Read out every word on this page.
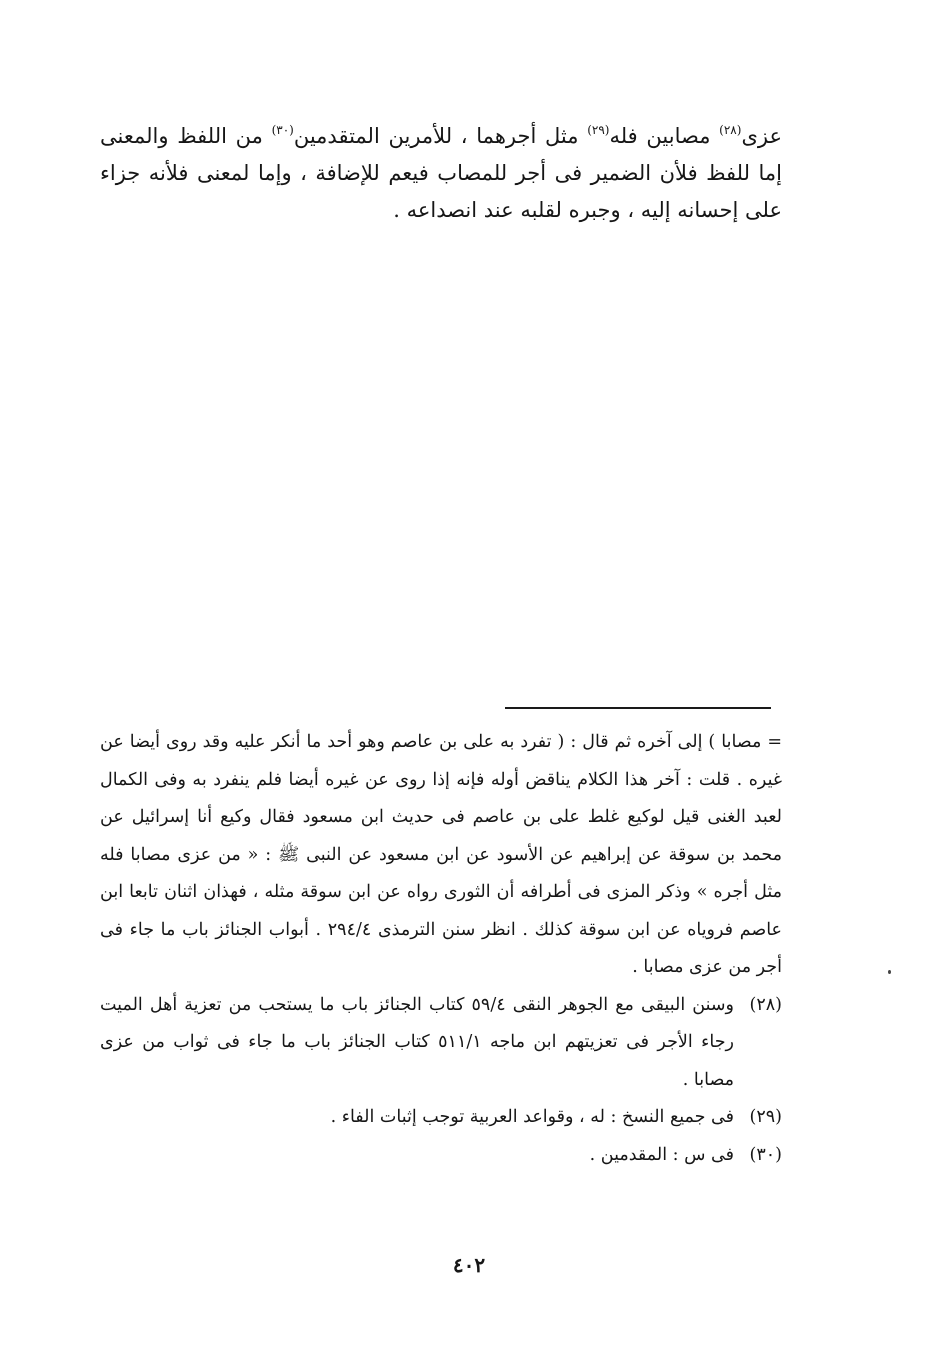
عزى$^{(٢٨)}$ مصابين فله$^{(٢٩)}$ مثل أجرهما ، للأمرين المتقدمين$^{(٣٠)}$ من اللفظ والمعنى إما للفظ فلأن الضمير فى أجر للمصاب فيعم للإضافة ، وإما لمعنى فلأنه جزاء على إحسانه إليه ، وجبره لقلبه عند انصداعه .

= مصابا ) إلى آخره ثم قال : ( تفرد به على بن عاصم وهو أحد ما أنكر عليه وقد روى أيضا عن غيره . قلت : آخر هذا الكلام يناقض أوله فإنه إذا روى عن غيره أيضا فلم ينفرد به وفى الكمال لعبد الغنى قيل لوكيع غلط على بن عاصم فى حديث ابن مسعود فقال وكيع أنا إسرائيل عن محمد بن سوقة عن إبراهيم عن الأسود عن ابن مسعود عن النبى ﷺ : « من عزى مصابا فله مثل أجره » وذكر المزى فى أطرافه أن الثورى رواه عن ابن سوقة مثله ، فهذان اثنان تابعا ابن عاصم فروياه عن ابن سوقة كذلك . انظر سنن الترمذى ٢٩٤/٤ . أبواب الجنائز باب ما جاء فى أجر من عزى مصابا .

(٢٨)
وسنن البيقى مع الجوهر النقى ٥٩/٤ كتاب الجنائز باب ما يستحب من تعزية أهل الميت رجاء الأجر فى تعزيتهم ابن ماجه ٥١١/١ كتاب الجنائز باب ما جاء فى ثواب من عزى مصابا .
(٢٩)
فى جميع النسخ : له ، وقواعد العربية توجب إثبات الفاء .
(٣٠)
فى س : المقدمين .
٤٠٢
